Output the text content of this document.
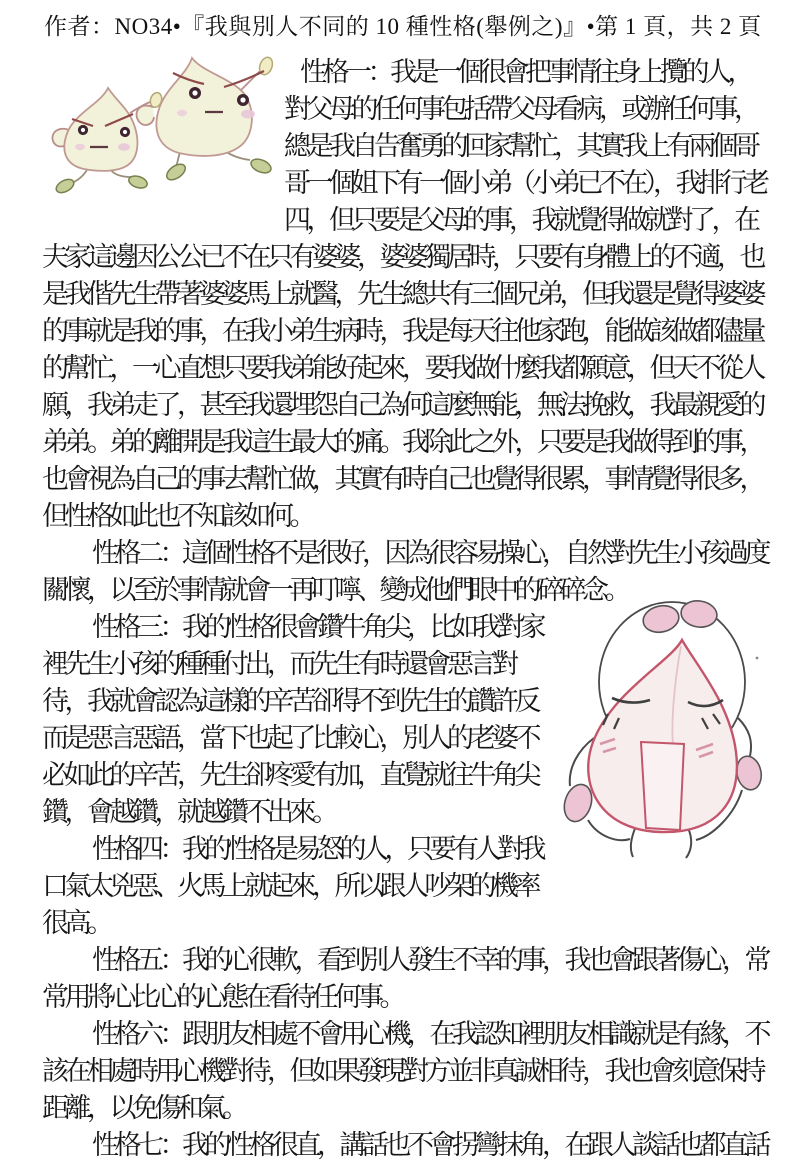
作者：NO34•『我與別人不同的 10 種性格(舉例之)』•第 1 頁，共 2 頁
性格一：我是一個很會把事情往身上攬的人，
對父母的任何事包括帶父母看病，或辦任何事，
總是我自告奮勇的回家幫忙，其實我上有兩個哥
哥一個姐下有一個小弟（小弟已不在），我排行老
四，但只要是父母的事，我就覺得做就對了，在
夫家這邊因公公已不在只有婆婆，婆婆獨居時，只要有身體上的不適，也
是我偕先生帶著婆婆馬上就醫，先生總共有三個兄弟，但我還是覺得婆婆
的事就是我的事，在我小弟生病時，我是每天往他家跑，能做該做都儘量
的幫忙，一心直想只要我弟能好起來，要我做什麼我都願意，但天不從人
願，我弟走了，甚至我還埋怨自己為何這麼無能，無法挽救，我最親愛的
弟弟。弟的離開是我這生最大的痛。我除此之外，只要是我做得到的事，
也會視為自己的事去幫忙做，其實有時自己也覺得很累，事情覺得很多，
但性格如此也不知該如何。
性格二：這個性格不是很好，因為很容易操心，自然對先生小孩過度
關懷，以至於事情就會一再叮嚀、變成他們眼中的碎碎念。
性格三：我的性格很會鑽牛角尖，比如我對家
裡先生小孩的種種付出，而先生有時還會惡言對
待，我就會認為這樣的辛苦卻得不到先生的讚許反
而是惡言惡語，當下也起了比較心，別人的老婆不
必如此的辛苦，先生卻疼愛有加，直覺就往牛角尖
鑽，會越鑽，就越鑽不出來。
性格四：我的性格是易怒的人，只要有人對我
口氣太兇惡、火馬上就起來，所以跟人吵架的機率
很高。
性格五：我的心很軟，看到別人發生不幸的事，我也會跟著傷心，常
常用將心比心的心態在看待任何事。
性格六：跟朋友相處不會用心機，在我認知裡朋友相識就是有緣，不
該在相處時用心機對待，但如果發現對方並非真誠相待，我也會刻意保持
距離，以免傷和氣。
性格七：我的性格很直，講話也不會拐彎抹角，在跟人談話也都直話
